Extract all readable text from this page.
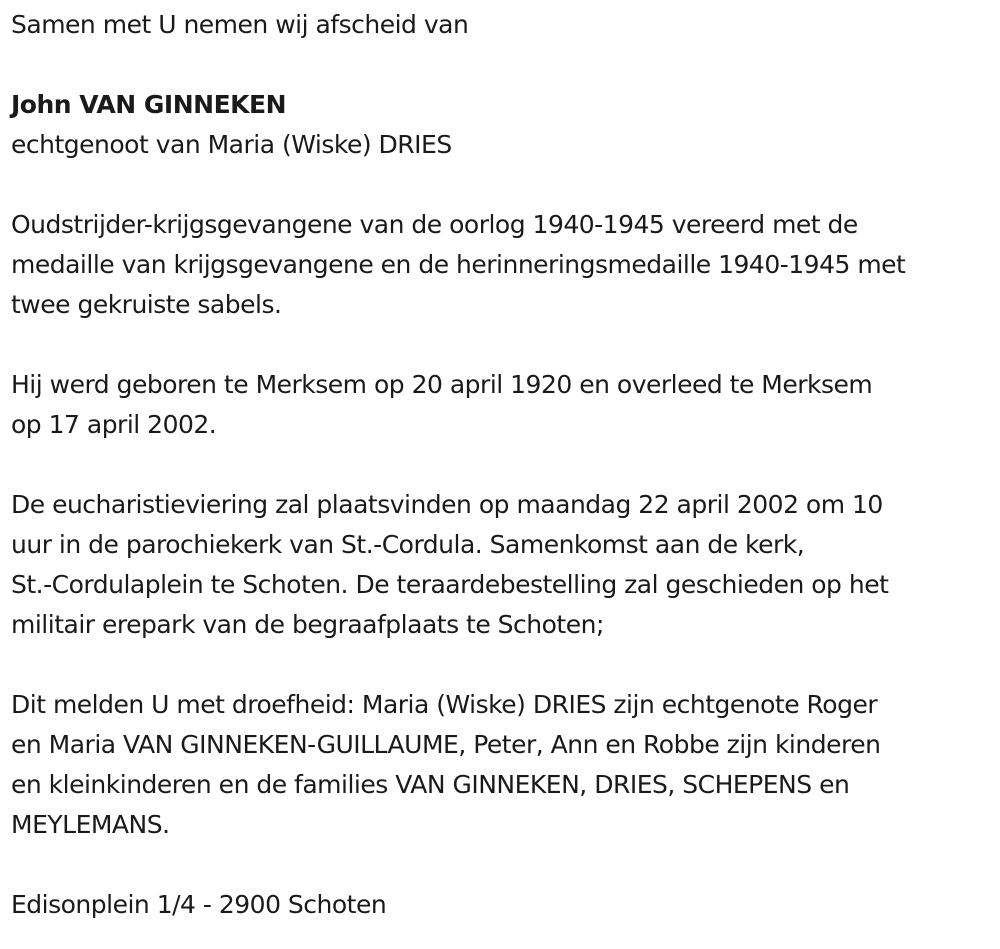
Samen met U nemen wij afscheid van
John VAN GINNEKEN
echtgenoot van Maria (Wiske) DRIES
Oudstrijder-krijgsgevangene van de oorlog 1940-1945 vereerd met de
medaille van krijgsgevangene en de herinneringsmedaille 1940-1945 met
twee gekruiste sabels.
Hij werd geboren te Merksem op 20 april 1920 en overleed te Merksem
op 17 april 2002.
De eucharistieviering zal plaatsvinden op maandag 22 april 2002 om 10
uur in de parochiekerk van St.-Cordula. Samenkomst aan de kerk,
St.-Cordulaplein te Schoten. De teraardebestelling zal geschieden op het
militair erepark van de begraafplaats te Schoten;
Dit melden U met droefheid: Maria (Wiske) DRIES zijn echtgenote Roger
en Maria VAN GINNEKEN-GUILLAUME, Peter, Ann en Robbe zijn kinderen
en kleinkinderen en de families VAN GINNEKEN, DRIES, SCHEPENS en
MEYLEMANS.
Edisonplein 1/4 - 2900 Schoten
